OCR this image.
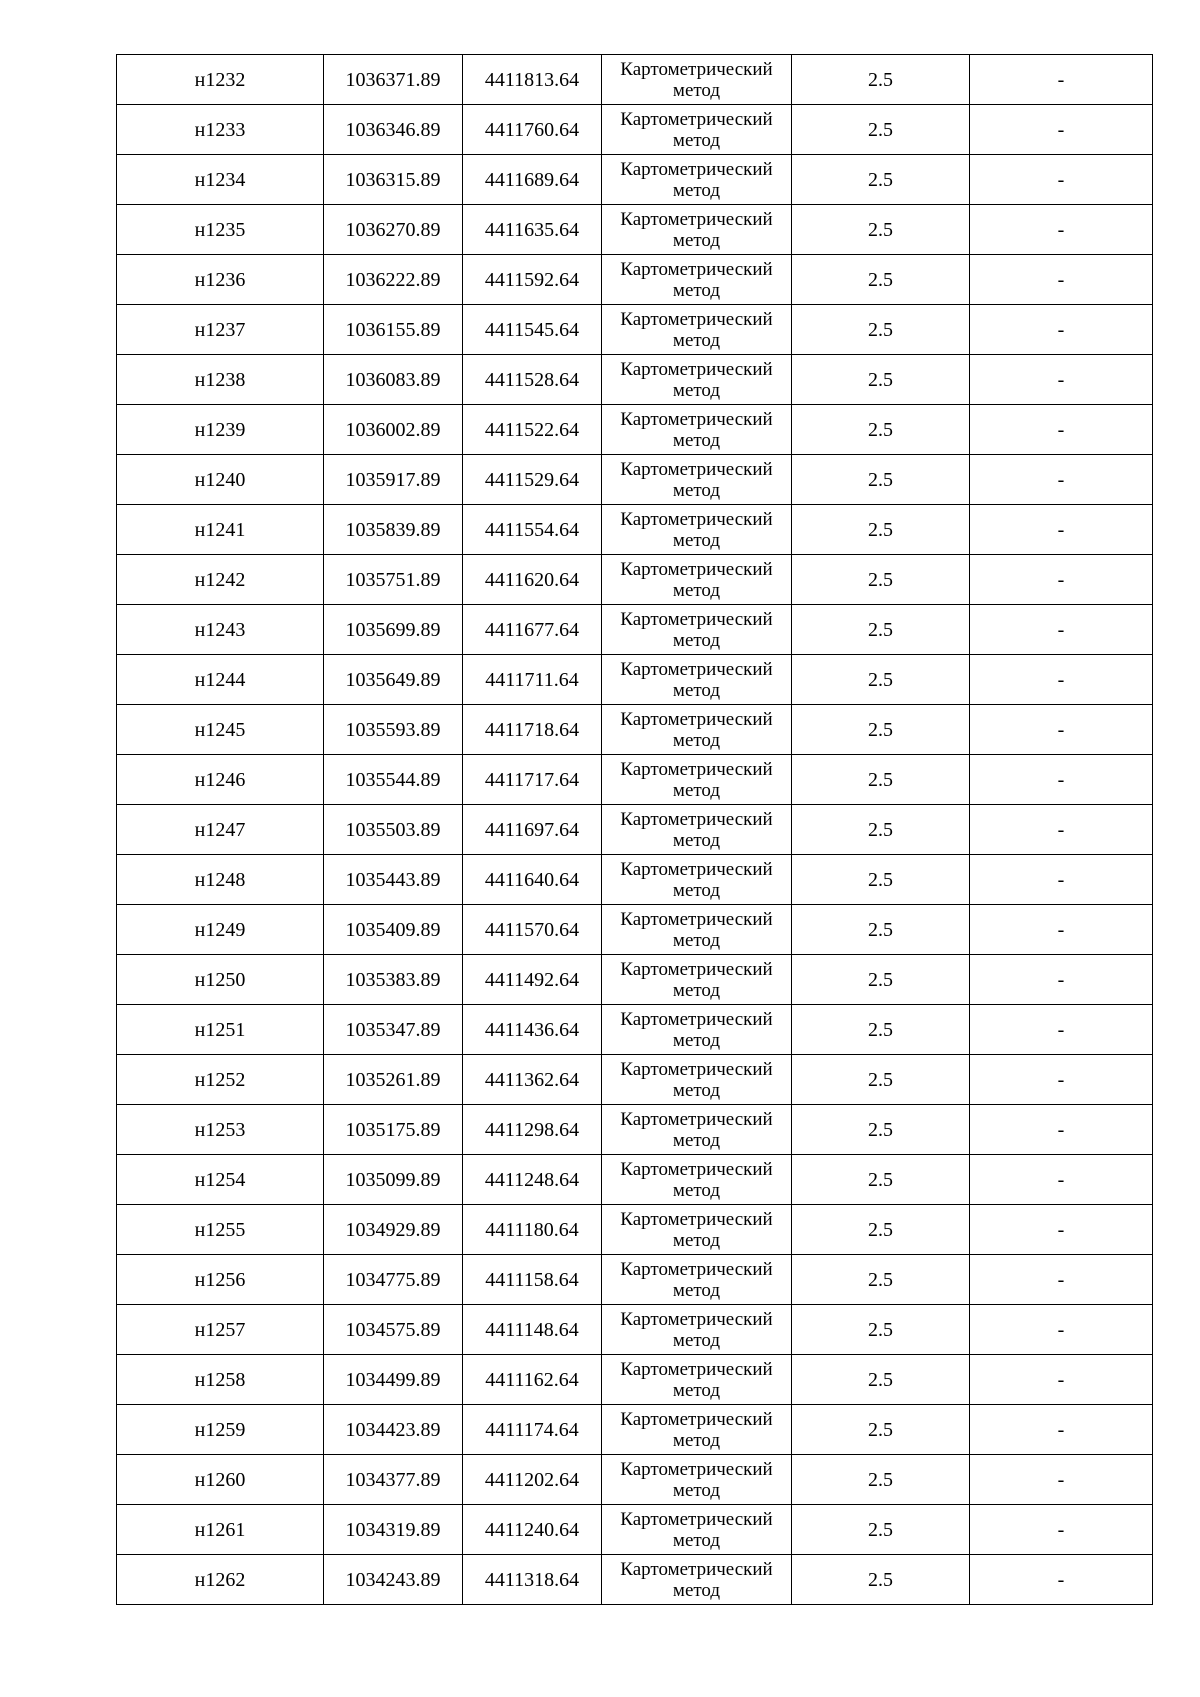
н1232	1036371.89	4411813.64	Картометрический метод	2.5	-
н1233	1036346.89	4411760.64	Картометрический метод	2.5	-
н1234	1036315.89	4411689.64	Картометрический метод	2.5	-
н1235	1036270.89	4411635.64	Картометрический метод	2.5	-
н1236	1036222.89	4411592.64	Картометрический метод	2.5	-
н1237	1036155.89	4411545.64	Картометрический метод	2.5	-
н1238	1036083.89	4411528.64	Картометрический метод	2.5	-
н1239	1036002.89	4411522.64	Картометрический метод	2.5	-
н1240	1035917.89	4411529.64	Картометрический метод	2.5	-
н1241	1035839.89	4411554.64	Картометрический метод	2.5	-
н1242	1035751.89	4411620.64	Картометрический метод	2.5	-
н1243	1035699.89	4411677.64	Картометрический метод	2.5	-
н1244	1035649.89	4411711.64	Картометрический метод	2.5	-
н1245	1035593.89	4411718.64	Картометрический метод	2.5	-
н1246	1035544.89	4411717.64	Картометрический метод	2.5	-
н1247	1035503.89	4411697.64	Картометрический метод	2.5	-
н1248	1035443.89	4411640.64	Картометрический метод	2.5	-
н1249	1035409.89	4411570.64	Картометрический метод	2.5	-
н1250	1035383.89	4411492.64	Картометрический метод	2.5	-
н1251	1035347.89	4411436.64	Картометрический метод	2.5	-
н1252	1035261.89	4411362.64	Картометрический метод	2.5	-
н1253	1035175.89	4411298.64	Картометрический метод	2.5	-
н1254	1035099.89	4411248.64	Картометрический метод	2.5	-
н1255	1034929.89	4411180.64	Картометрический метод	2.5	-
н1256	1034775.89	4411158.64	Картометрический метод	2.5	-
н1257	1034575.89	4411148.64	Картометрический метод	2.5	-
н1258	1034499.89	4411162.64	Картометрический метод	2.5	-
н1259	1034423.89	4411174.64	Картометрический метод	2.5	-
н1260	1034377.89	4411202.64	Картометрический метод	2.5	-
н1261	1034319.89	4411240.64	Картометрический метод	2.5	-
н1262	1034243.89	4411318.64	Картометрический метод	2.5	-
